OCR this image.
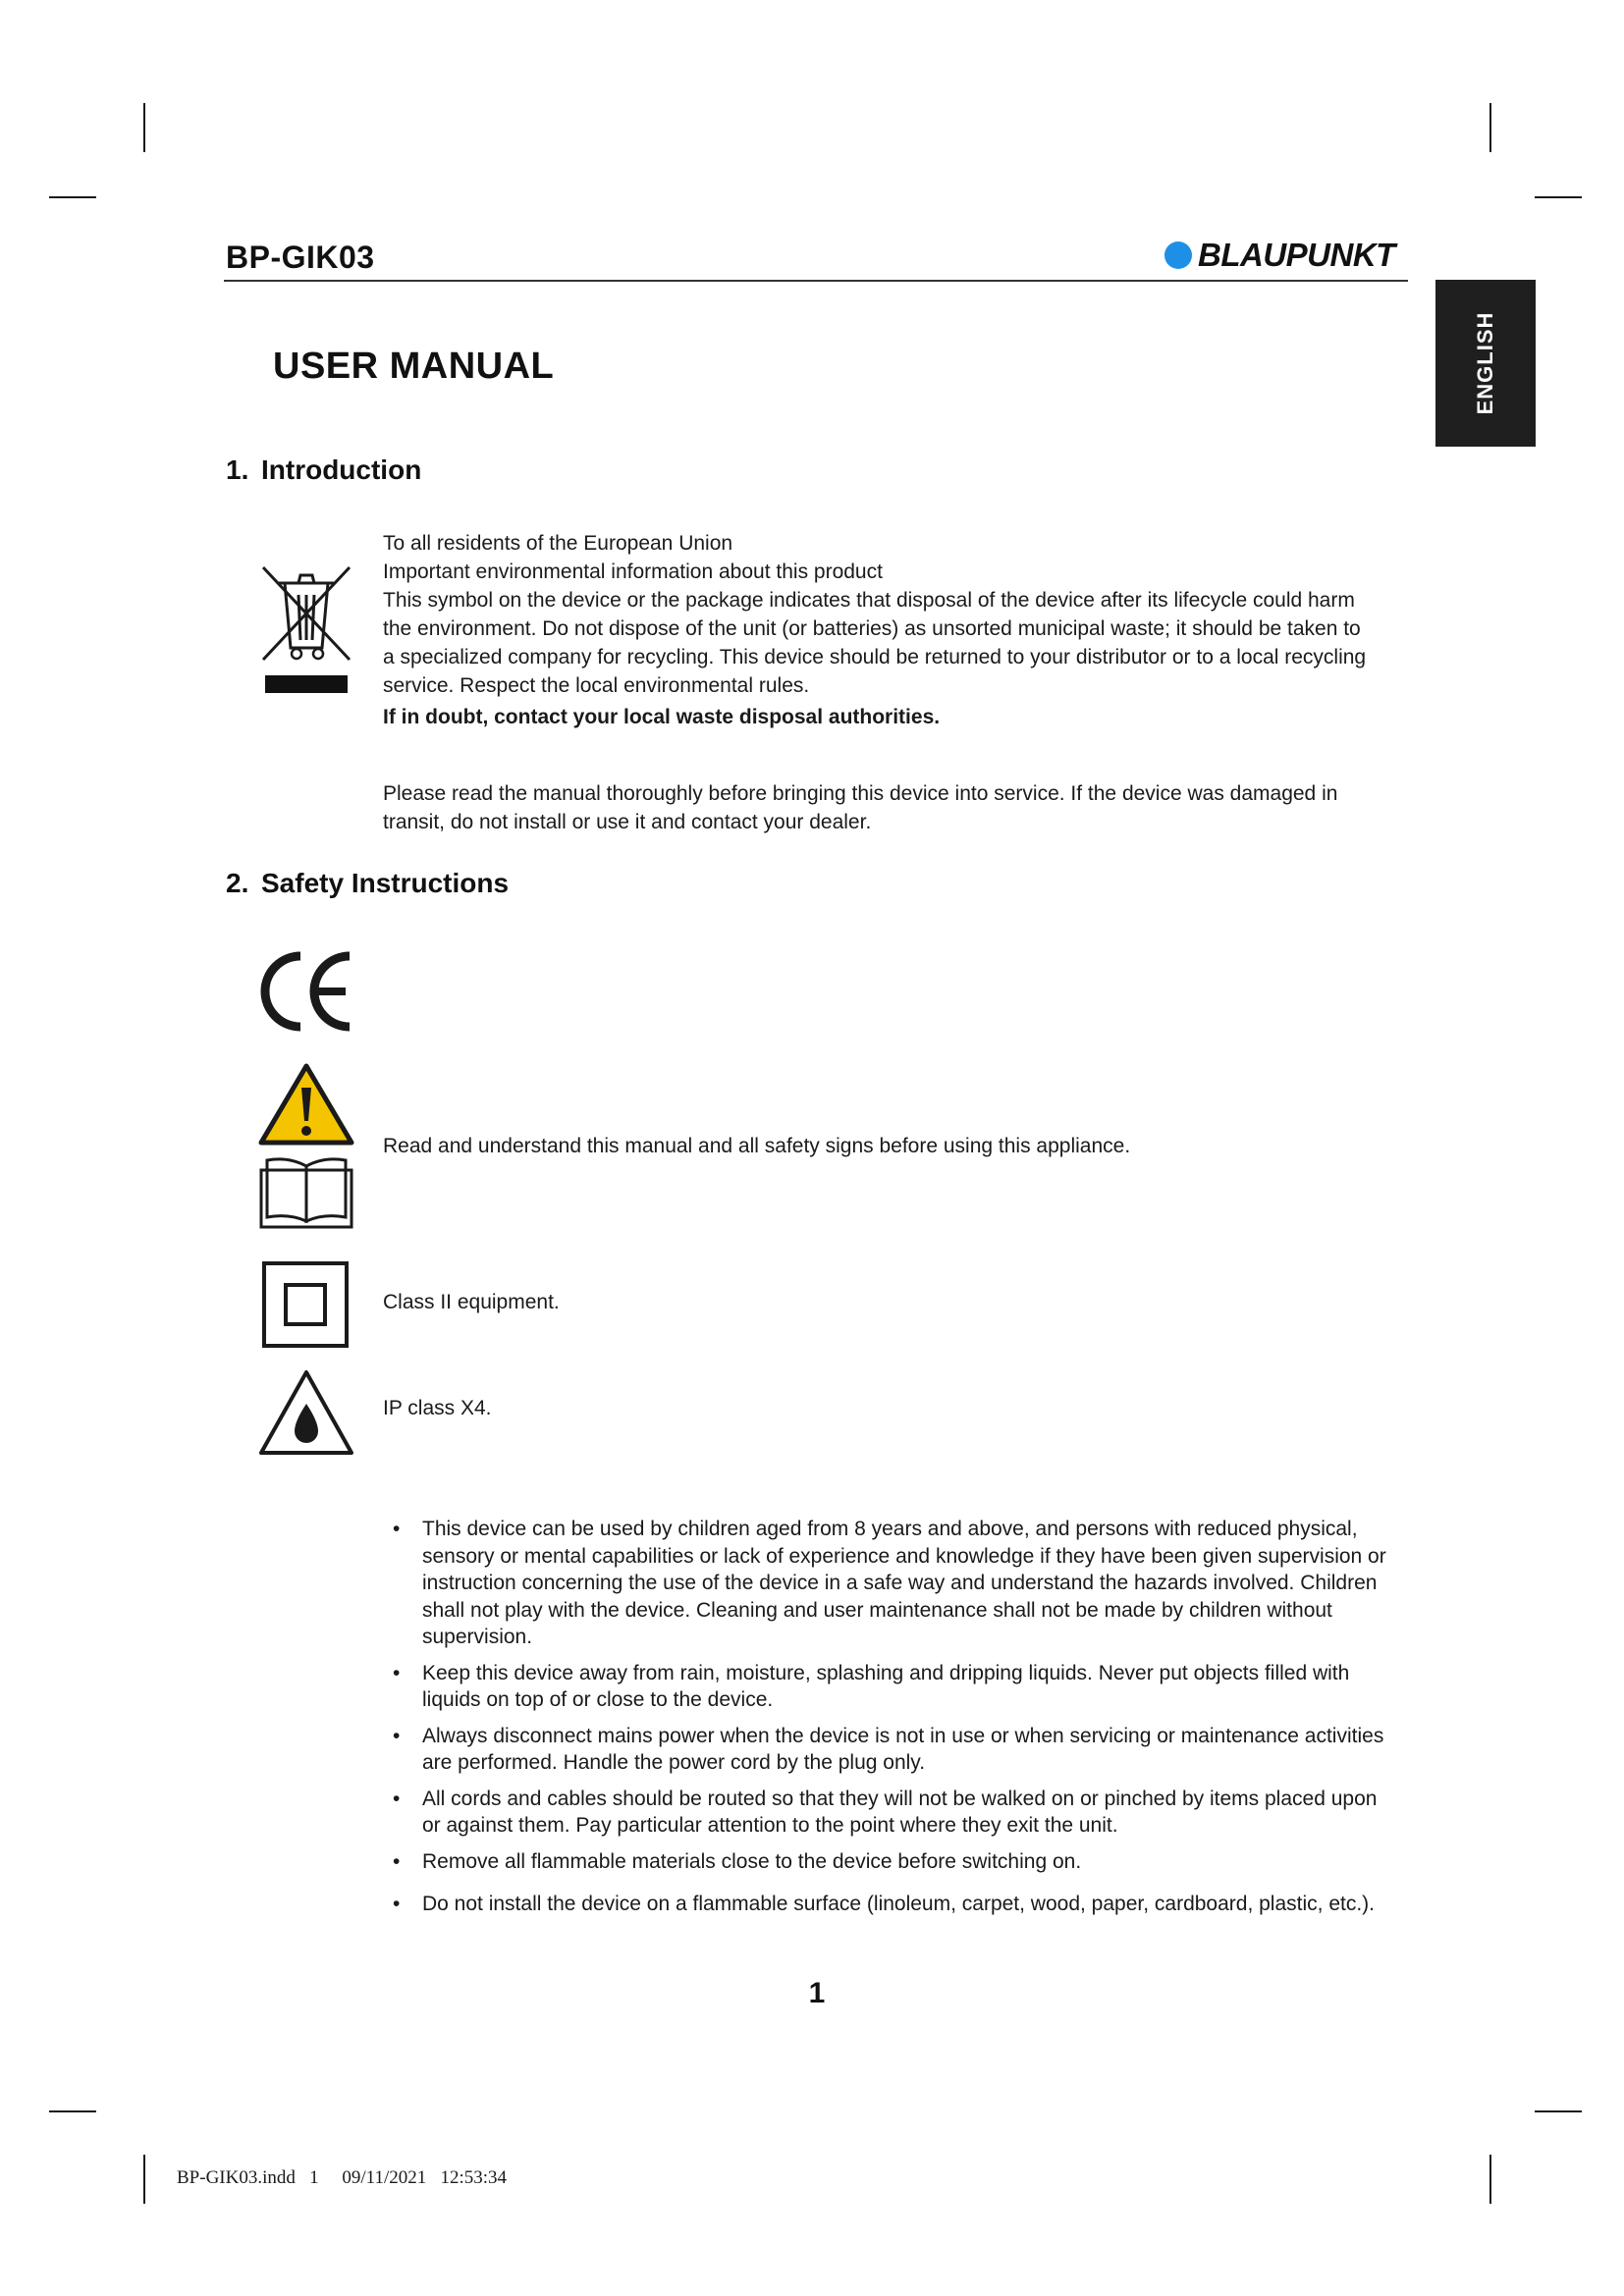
BP-GIK03	BLAUPUNKT
ENGLISH
USER MANUAL
1. Introduction

To all residents of the European Union

Important environmental information about this product

This symbol on the device or the package indicates that disposal of the device after its lifecycle could harm

the environment. Do not dispose of the unit (or batteries) as unsorted municipal waste; it should be taken to

a specialized company for recycling. This device should be returned to your distributor or to a local recycling

service. Respect the local environmental rules.

If in doubt, contact your local waste disposal authorities.

Please read the manual thoroughly before bringing this device into service. If the device was damaged in

transit, do not install or use it and contact your dealer.

2. Safety Instructions
Read and understand this manual and all safety signs before using this appliance.
Class II equipment.
IP class X4.
• This device can be used by children aged from 8 years and above, and persons with reduced physical,
sensory or mental capabilities or lack of experience and knowledge if they have been given supervision or
instruction concerning the use of the device in a safe way and understand the hazards involved. Children
shall not play with the device. Cleaning and user maintenance shall not be made by children without
supervision.
• Keep this device away from rain, moisture, splashing and dripping liquids. Never put objects filled with
liquids on top of or close to the device.
• Always disconnect mains power when the device is not in use or when servicing or maintenance activities
are performed. Handle the power cord by the plug only.
• All cords and cables should be routed so that they will not be walked on or pinched by items placed upon
or against them. Pay particular attention to the point where they exit the unit.
• Remove all flammable materials close to the device before switching on.
• Do not install the device on a flammable surface (linoleum, carpet, wood, paper, cardboard, plastic, etc.).
1
BP-GIK03.indd   1     09/11/2021   12:53:34
